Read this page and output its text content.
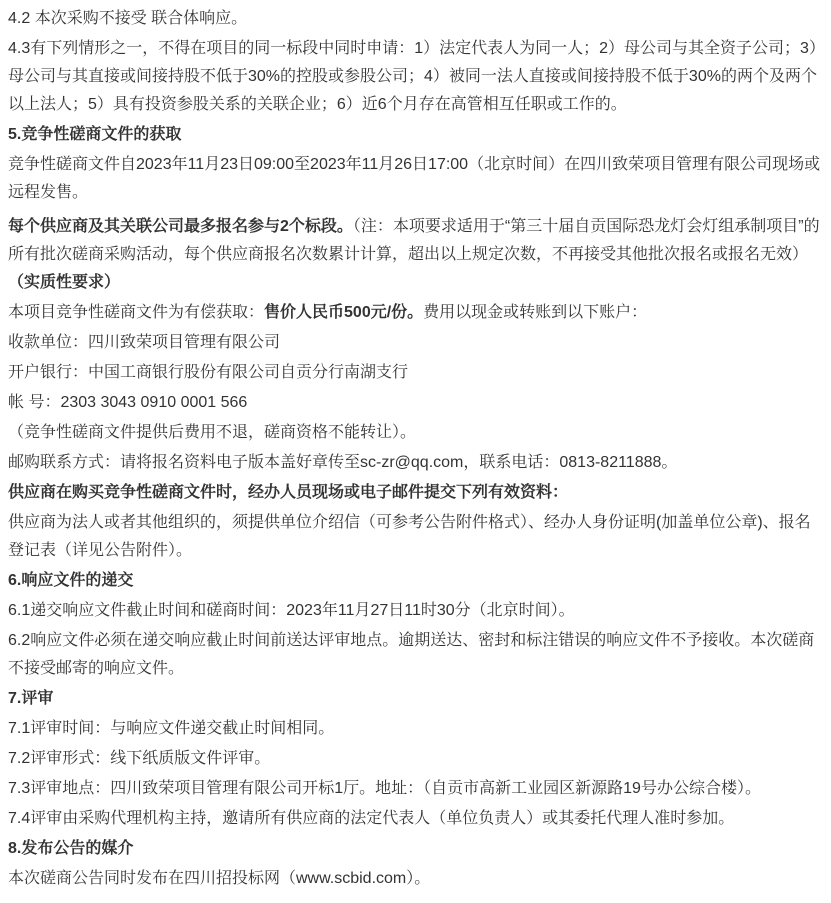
4.2 本次采购不接受 联合体响应。

4.3有下列情形之一，不得在项目的同一标段中同时申请：1）法定代表人为同一人；2）母公司与其全资子公司；3）母公司与其直接或间接持股不低于30%的控股或参股公司；4）被同一法人直接或间接持股不低于30%的两个及两个以上法人；5）具有投资参股关系的关联企业；6）近6个月存在高管相互任职或工作的。

5.竞争性磋商文件的获取

竞争性磋商文件自2023年11月23日09:00至2023年11月26日17:00（北京时间）在四川致荣项目管理有限公司现场或远程发售。

每个供应商及其关联公司最多报名参与2个标段。（注：本项要求适用于“第三十届自贡国际恐龙灯会灯组承制项目”的所有批次磋商采购活动，每个供应商报名次数累计计算，超出以上规定次数，不再接受其他批次报名或报名无效）（实质性要求）

本项目竞争性磋商文件为有偿获取：售价人民币500元/份。费用以现金或转账到以下账户：

收款单位：四川致荣项目管理有限公司

开户银行：中国工商银行股份有限公司自贡分行南湖支行

帐 号：2303 3043 0910 0001 566

（竞争性磋商文件提供后费用不退，磋商资格不能转让）。

邮购联系方式：请将报名资料电子版本盖好章传至sc-zr@qq.com，联系电话：0813-8211888。

供应商在购买竞争性磋商文件时，经办人员现场或电子邮件提交下列有效资料：

供应商为法人或者其他组织的，须提供单位介绍信（可参考公告附件格式）、经办人身份证明(加盖单位公章)、报名登记表（详见公告附件）。

6.响应文件的递交

6.1递交响应文件截止时间和磋商时间：2023年11月27日11时30分（北京时间）。

6.2响应文件必须在递交响应截止时间前送达评审地点。逾期送达、密封和标注错误的响应文件不予接收。本次磋商不接受邮寄的响应文件。

7.评审

7.1评审时间：与响应文件递交截止时间相同。

7.2评审形式：线下纸质版文件评审。

7.3评审地点：四川致荣项目管理有限公司开标1厅。地址：（自贡市高新工业园区新源路19号办公综合楼）。

7.4评审由采购代理机构主持，邀请所有供应商的法定代表人（单位负责人）或其委托代理人准时参加。

8.发布公告的媒介

本次磋商公告同时发布在四川招投标网（www.scbid.com）。
